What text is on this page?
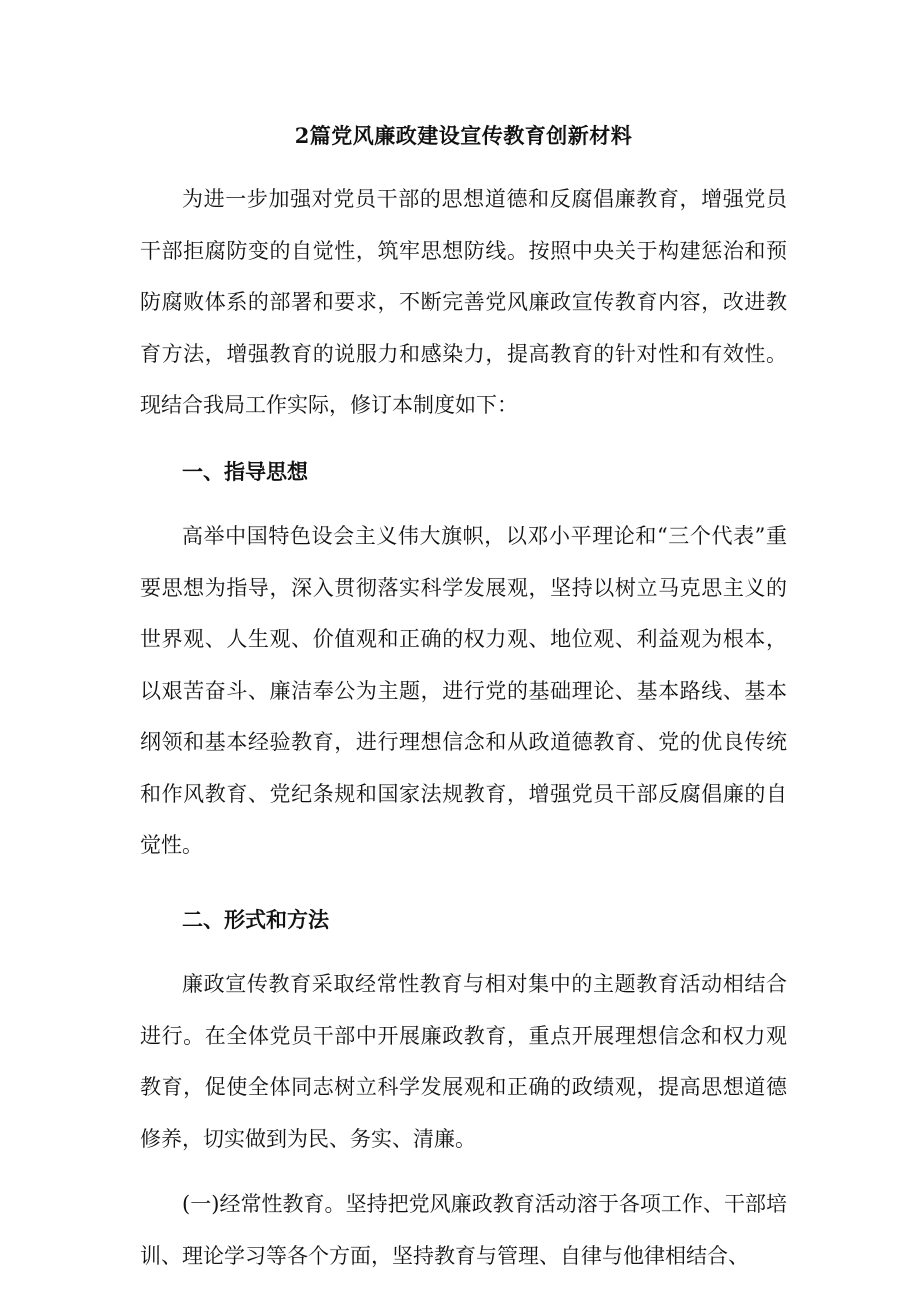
2篇党风廉政建设宣传教育创新材料

为进一步加强对党员干部的思想道德和反腐倡廉教育，增强党员干部拒腐防变的自觉性，筑牢思想防线。按照中央关于构建惩治和预防腐败体系的部署和要求，不断完善党风廉政宣传教育内容，改进教育方法，增强教育的说服力和感染力，提高教育的针对性和有效性。现结合我局工作实际，修订本制度如下：

一、指导思想

高举中国特色设会主义伟大旗帜，以邓小平理论和“三个代表”重要思想为指导，深入贯彻落实科学发展观，坚持以树立马克思主义的世界观、人生观、价值观和正确的权力观、地位观、利益观为根本，以艰苦奋斗、廉洁奉公为主题，进行党的基础理论、基本路线、基本纲领和基本经验教育，进行理想信念和从政道德教育、党的优良传统和作风教育、党纪条规和国家法规教育，增强党员干部反腐倡廉的自觉性。

二、形式和方法

廉政宣传教育采取经常性教育与相对集中的主题教育活动相结合进行。在全体党员干部中开展廉政教育，重点开展理想信念和权力观教育，促使全体同志树立科学发展观和正确的政绩观，提高思想道德修养，切实做到为民、务实、清廉。

(一)经常性教育。坚持把党风廉政教育活动溶于各项工作、干部培训、理论学习等各个方面，坚持教育与管理、自律与他律相结合、
